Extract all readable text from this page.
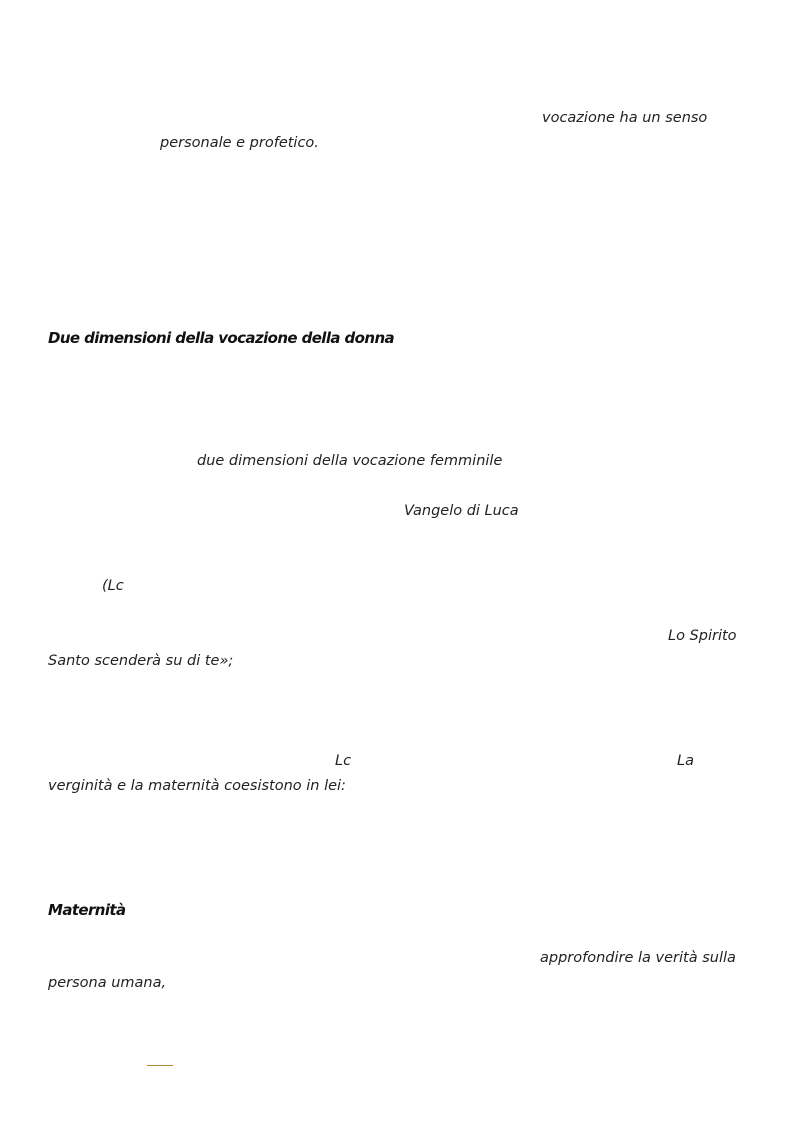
vocazione ha un senso
personale e profetico.
Due dimensioni della vocazione della donna
due dimensioni della vocazione femminile
Vangelo di Luca
(Lc
Lo Spirito
Santo scenderà su di te»;
Lc	La
verginità e la maternità coesistono in lei:
Maternità
approfondire la verità sulla
persona umana,
